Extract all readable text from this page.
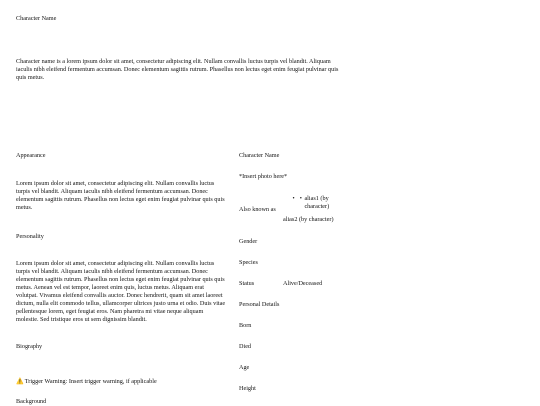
Character Name
Character name is a lorem ipsum dolor sit amet, consectetur adipiscing elit. Nullam convallis luctus turpis vel blandit. Aliquam iaculis nibh eleifend fermentum accumsan. Donec elementum sagittis rutrum. Phasellus non lectus eget enim feugiat pulvinar quis quis metus.
Appearance
Lorem ipsum dolor sit amet, consectetur adipiscing elit. Nullam convallis luctus turpis vel blandit. Aliquam iaculis nibh eleifend fermentum accumsan. Donec elementum sagittis rutrum. Phasellus non lectus eget enim feugiat pulvinar quis quis metus.
Personality
Lorem ipsum dolor sit amet, consectetur adipiscing elit. Nullam convallis luctus turpis vel blandit. Aliquam iaculis nibh eleifend fermentum accumsan. Donec elementum sagittis rutrum. Phasellus non lectus eget enim feugiat pulvinar quis quis metus. Aenean vel est tempor, laoreet enim quis, luctus metus. Aliquam erat volutpat. Vivamus eleifend convallis auctor. Donec hendrerit, quam sit amet laoreet dictum, nulla elit commodo tellus, ullamcorper ultrices justo urna et odio. Duis vitae pellentesque lorem, eget feugiat eros. Nam pharetra mi vitae neque aliquam molestie. Sed tristique eros ut sem dignissim blandit.
Biography
⚠️Trigger Warning: Insert trigger warning, if applicable
Background
Character Name
*Insert photo here*
Also known as
• • alias1 (by character)
alias2 (by character)
Gender
Species
Status	Alive/Deceased
Personal Details
Born
Died
Age
Height
